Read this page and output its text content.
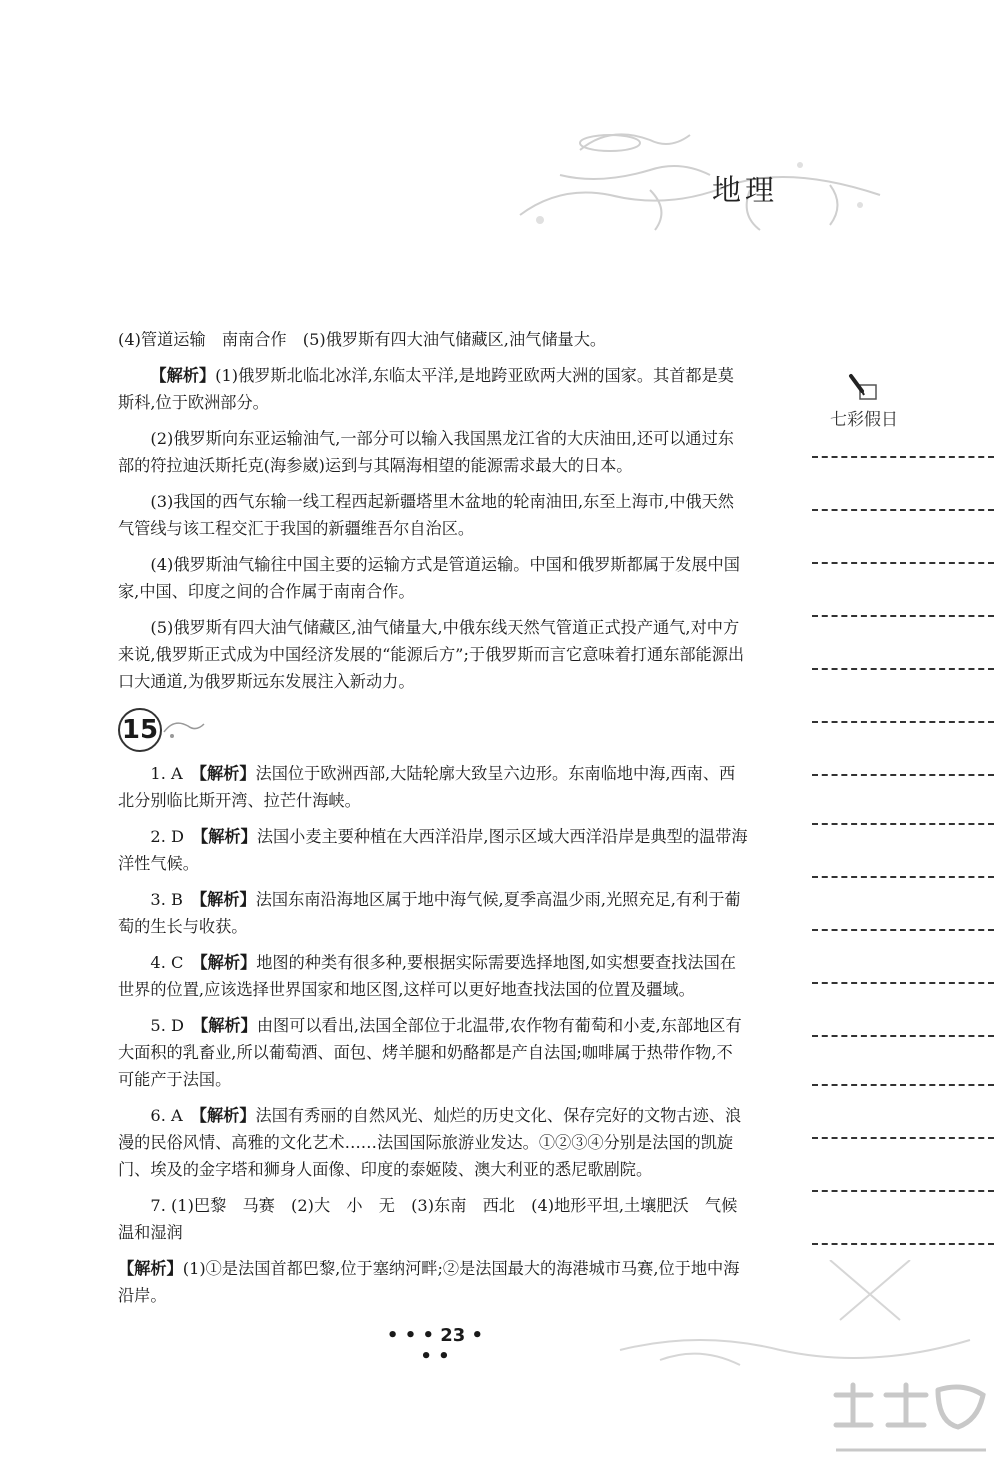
地理
七彩假日

(4)管道运输　南南合作　(5)俄罗斯有四大油气储藏区,油气储量大。

【解析】(1)俄罗斯北临北冰洋,东临太平洋,是地跨亚欧两大洲的国家。其首都是莫斯科,位于欧洲部分。

(2)俄罗斯向东亚运输油气,一部分可以输入我国黑龙江省的大庆油田,还可以通过东部的符拉迪沃斯托克(海参崴)运到与其隔海相望的能源需求最大的日本。

(3)我国的西气东输一线工程西起新疆塔里木盆地的轮南油田,东至上海市,中俄天然气管线与该工程交汇于我国的新疆维吾尔自治区。

(4)俄罗斯油气输往中国主要的运输方式是管道运输。中国和俄罗斯都属于发展中国家,中国、印度之间的合作属于南南合作。

(5)俄罗斯有四大油气储藏区,油气储量大,中俄东线天然气管道正式投产通气,对中方来说,俄罗斯正式成为中国经济发展的“能源后方”;于俄罗斯而言它意味着打通东部能源出口大通道,为俄罗斯远东发展注入新动力。

15

1. A　 【解析】法国位于欧洲西部,大陆轮廓大致呈六边形。东南临地中海,西南、西北分别临比斯开湾、拉芒什海峡。

2. D　 【解析】法国小麦主要种植在大西洋沿岸,图示区域大西洋沿岸是典型的温带海洋性气候。

3. B　 【解析】法国东南沿海地区属于地中海气候,夏季高温少雨,光照充足,有利于葡萄的生长与收获。

4. C　 【解析】地图的种类有很多种,要根据实际需要选择地图,如实想要查找法国在世界的位置,应该选择世界国家和地区图,这样可以更好地查找法国的位置及疆域。

5. D　 【解析】由图可以看出,法国全部位于北温带,农作物有葡萄和小麦,东部地区有大面积的乳畜业,所以葡萄酒、面包、烤羊腿和奶酪都是产自法国;咖啡属于热带作物,不可能产于法国。

6. A　 【解析】法国有秀丽的自然风光、灿烂的历史文化、保存完好的文物古迹、浪漫的民俗风情、高雅的文化艺术……法国国际旅游业发达。①②③④分别是法国的凯旋门、埃及的金字塔和狮身人面像、印度的泰姬陵、澳大利亚的悉尼歌剧院。

7. (1)巴黎　马赛　(2)大　小　无　(3)东南　西北　(4)地形平坦,土壤肥沃　气候温和湿润

【解析】(1)①是法国首都巴黎,位于塞纳河畔;②是法国最大的海港城市马赛,位于地中海沿岸。

• • • 23 • • •
